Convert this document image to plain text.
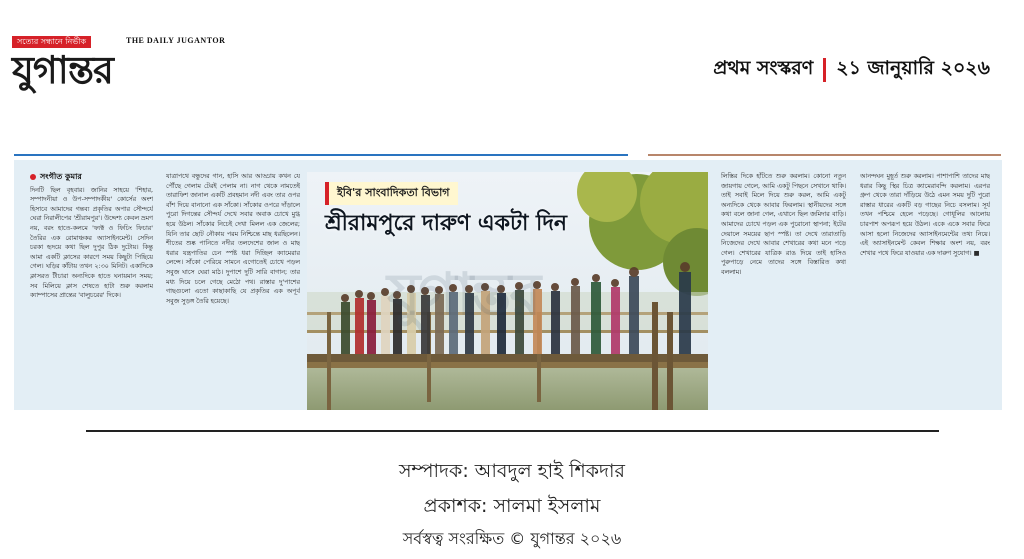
সত্যের সন্ধানে নির্ভীক	THE DAILY JUGANTOR
যুগান্তর	প্রথম সংস্করণ ২১ জানুয়ারি ২০২৬
সংগীত কুমার

দিনটি ছিল বৃহবার। জানির সাহয়ে 'শিহার, সম্পাদনীয়া ও উপ-সম্পাদকীয়' কোর্সের অংশ হিসাবে আমাদের গন্তব্য প্রকৃতির অপার সৌন্দর্যে ঘেরা নিরালীপের 'শ্রীরামপুর'। উদ্দেশ্য কেবল ভ্রমণ নয়, বরং হাতে-কলমে 'ফ্যক্ট ও ফিচিং ফিচার' তৈরির এক রোমাঞ্চকর অ্যাসাইনমেন্ট। সেদিন চরকা হৃদয়ে কথা ছিল দুপুর ঠিক দুটোয়। কিন্তু আমা একটি ক্লাসের কারণে সময় কিছুটা পিছিয়ে গেল। ঘড়ির কাঁটায় তখন ২:৩০ মিনিট। একাদিকে ক্লাসরত টীচারা অন্যদিকে হাতে ঘনায়মান সময়; সব মিলিয়ে ক্লাস শেষতে হাটা শুরু করলাম ক্যাম্পাসের প্রান্তের 'বালুচরের' দিকে।

যাত্রাপথে বন্ধুদের গান, হাসি আর আড্ডায় কখন যে পৌঁছে গেলাম টেরই পেলাম না। নাগ থেকে নামতেই তারাফিশ জানাল একটি প্রবহমান নদী এবং তার ওপর বাঁশ দিয়ে বানানো এক সাঁকো। সাঁকোর ওপরে দাঁড়ালে পুরো দিগন্তের সৌন্দর্য দেখে সবার অবাক চোখে মুগ্ধ হয়ে উঠল। সাঁকোর নিচেই দেখা মিলল এক জেলের; যিনি তার ছোট নৌকায় পরম নিশ্চিন্তে মাছ ধরছিলেন। শীতের শুষ্ক পানিতে নদীর তলদেশের জাল ও মাছ ধরার যন্ত্রপাতির চেন স্পষ্ট ধরা দিচ্ছিল ক্যামেরার লেন্সে। সাঁকো পেরিয়ে সামনে এগোতেই চোখে পড়ল সবুজ ঘাসে ঘেরা মাঠ। দুপাশে দুটি সারি বাগান; তার মধ্য দিয়ে চলে গেছে মেঠো পথ। রাস্তার দু'পাশের গাছগুলো এতো কাছাকাছি যে প্রকৃতির এক অপূর্ব সবুজ সুড়ঙ্গ তৈরি হয়েছে।	যুগান্তর
ইবি'র সাংবাদিকতা বিভাগ
শ্রীরামপুরে দারুণ একটা দিন

লিস্তির দিকে হাঁটতে শুরু করলাম। কোনো নতুন জায়গায় গেলে, আমি একটু পিছনে সেখানে থাকি। তাই সবাই মিলে দিয়ে শুরু করল, আমি একটু অন্যদিকে থেকে আবার ফিরলাম। স্থানীয়দের সঙ্গে কথা বলে জানা গেল, এখানে ছিল জমিদার বাড়ি। আমাদের চোখে পড়ল এক পুরোনো স্থাপনা; ইটের দেয়ালে সময়ের ছাপ স্পষ্ট। তা দেখে তারাতাড়ি নিজেদের দেখে আবার শেখারের কথা মনে পড়ে গেল। শেখারের যাত্রিক রাঙ দিয়ে তাই হাসিও পুরুপাড়ে নেমে তাদের সঙ্গে বিস্তারিত কথা বললাম।

আনন্দঘন মুহূর্ত শুরু করলাম। পাশাপাশি তাদের মাছ ধরার কিছু স্থির চিত্র ক্যামেরাবন্দি করলাম। এরপর গ্রুপ থেকে তারা দাঁড়িয়ে উঠে এমন সময় দুটি পুরো রাস্তার ধারের একটি বড় গাছের নিচে বসলাম। সূর্য তখন পশ্চিমে হেলে পড়েছে। গোধূলির আলোয় চারপাশ অপরূপ হয়ে উঠল। একে একে সবার ফিরে আসা হলো নিজেদের অ্যাসাইনমেন্টের তথ্য নিয়ে। এই অ্যাসাইনমেন্ট কেবল শিক্ষার অংশ নয়, বরং শেখার পথে ফিরে যাওয়ার এক দারুণ সুযোগ। ■

সম্পাদক: আবদুল হাই শিকদার
প্রকাশক: সালমা ইসলাম
সর্বস্বত্ব সংরক্ষিত © যুগান্তর ২০২৬
